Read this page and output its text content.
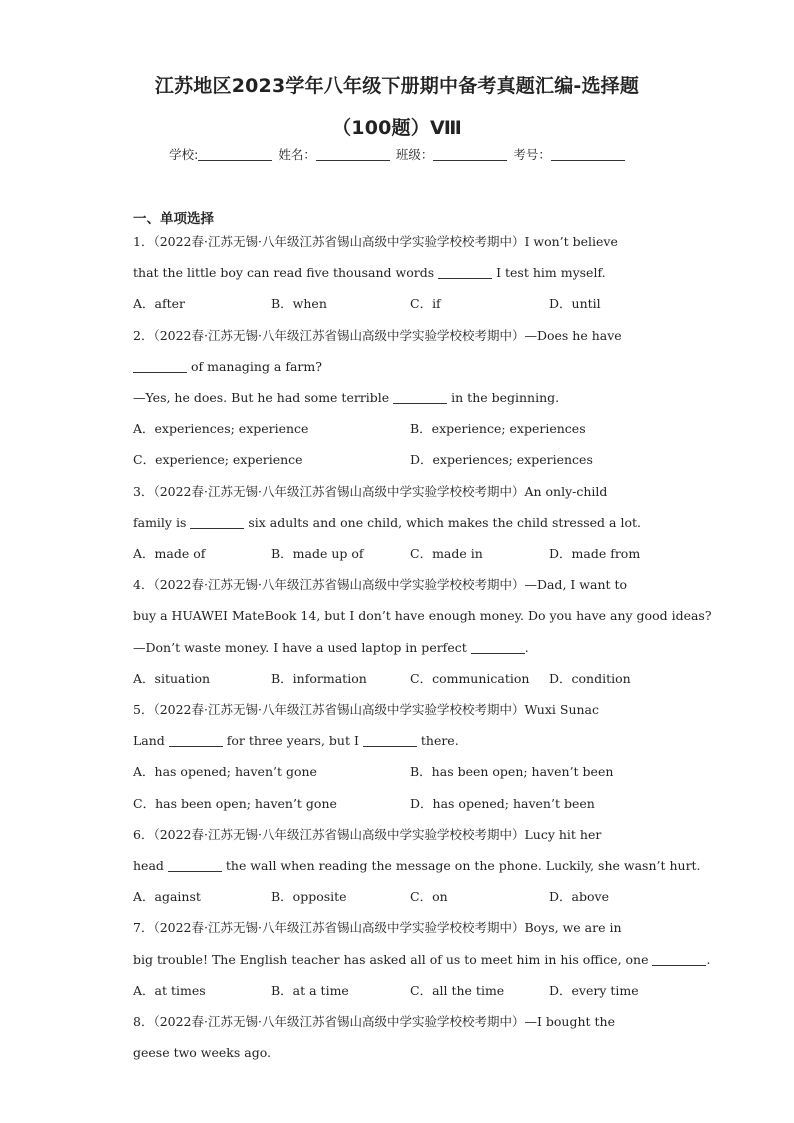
江苏地区2023学年八年级下册期中备考真题汇编-选择题
（100题）Ⅷ
学校:	姓名：	班级：	考号：
一、单项选择
1．（2022春·江苏无锡·八年级江苏省锡山高级中学实验学校校考期中）I won’t believe
that the little boy can read five thousand words	I test him myself.
A．after	B．when	C．if	D．until
2．（2022春·江苏无锡·八年级江苏省锡山高级中学实验学校校考期中）—Does he have
of managing a farm?
—Yes, he does. But he had some terrible	in the beginning.
A．experiences; experience	B．experience; experiences
C．experience; experience	D．experiences; experiences
3．（2022春·江苏无锡·八年级江苏省锡山高级中学实验学校校考期中）An only-child
family is	six adults and one child, which makes the child stressed a lot.
A．made of	B．made up of	C．made in	D．made from
4．（2022春·江苏无锡·八年级江苏省锡山高级中学实验学校校考期中）—Dad, I want to
buy a HUAWEI MateBook 14, but I don’t have enough money. Do you have any good ideas?
—Don’t waste money. I have a used laptop in perfect	.
A．situation	B．information	C．communication D．condition
5．（2022春·江苏无锡·八年级江苏省锡山高级中学实验学校校考期中）Wuxi Sunac
Land	for three years, but I	there.
A．has opened; haven’t gone	B．has been open; haven’t been
C．has been open; haven’t gone	D．has opened; haven’t been
6．（2022春·江苏无锡·八年级江苏省锡山高级中学实验学校校考期中）Lucy hit her
head	the wall when reading the message on the phone. Luckily, she wasn’t hurt.
A．against	B．opposite	C．on	D．above
7．（2022春·江苏无锡·八年级江苏省锡山高级中学实验学校校考期中）Boys, we are in
big trouble! The English teacher has asked all of us to meet him in his office, one	.
A．at times	B．at a time	C．all the time	D．every time
8．（2022春·江苏无锡·八年级江苏省锡山高级中学实验学校校考期中）—I bought the
geese two weeks ago.
